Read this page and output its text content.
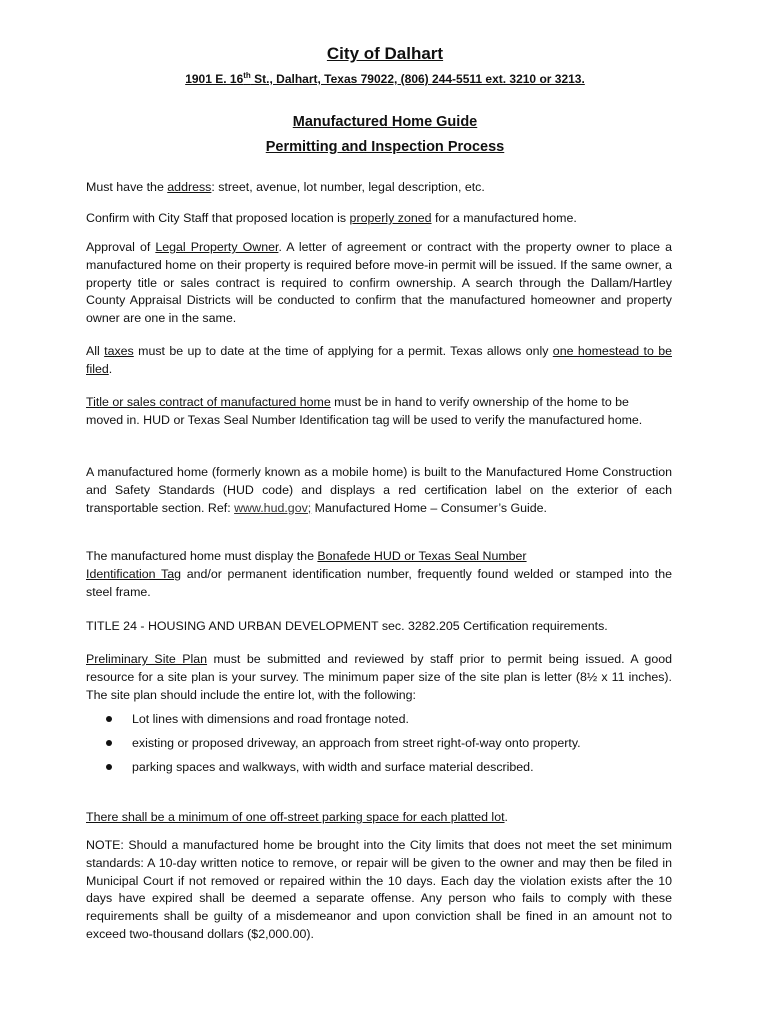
City of Dalhart
1901 E. 16th St., Dalhart, Texas 79022, (806) 244-5511 ext. 3210 or 3213.
Manufactured Home Guide
Permitting and Inspection Process

Must have the address: street, avenue, lot number, legal description, etc.

Confirm with City Staff that proposed location is properly zoned for a manufactured home.

Approval of Legal Property Owner. A letter of agreement or contract with the property owner to place a manufactured home on their property is required before move-in permit will be issued. If the same owner, a property title or sales contract is required to confirm ownership. A search through the Dallam/Hartley County Appraisal Districts will be conducted to confirm that the manufactured homeowner and property owner are one in the same.

All taxes must be up to date at the time of applying for a permit. Texas allows only one homestead to be filed.

Title or sales contract of manufactured home must be in hand to verify ownership of the home to be moved in. HUD or Texas Seal Number Identification tag will be used to verify the manufactured home.

A manufactured home (formerly known as a mobile home) is built to the Manufactured Home Construction and Safety Standards (HUD code) and displays a red certification label on the exterior of each transportable section. Ref: www.hud.gov; Manufactured Home – Consumer’s Guide.

The manufactured home must display the Bonafede HUD or Texas Seal Number
Identification Tag and/or permanent identification number, frequently found welded or stamped into the steel frame.

TITLE 24 - HOUSING AND URBAN DEVELOPMENT sec. 3282.205 Certification requirements.

Preliminary Site Plan must be submitted and reviewed by staff prior to permit being issued. A good resource for a site plan is your survey. The minimum paper size of the site plan is letter (8½ x 11 inches). The site plan should include the entire lot, with the following:

Lot lines with dimensions and road frontage noted.
existing or proposed driveway, an approach from street right-of-way onto property.
parking spaces and walkways, with width and surface material described.

There shall be a minimum of one off-street parking space for each platted lot.

NOTE: Should a manufactured home be brought into the City limits that does not meet the set minimum standards: A 10-day written notice to remove, or repair will be given to the owner and may then be filed in Municipal Court if not removed or repaired within the 10 days. Each day the violation exists after the 10 days have expired shall be deemed a separate offense. Any person who fails to comply with these requirements shall be guilty of a misdemeanor and upon conviction shall be fined in an amount not to exceed two-thousand dollars ($2,000.00).
